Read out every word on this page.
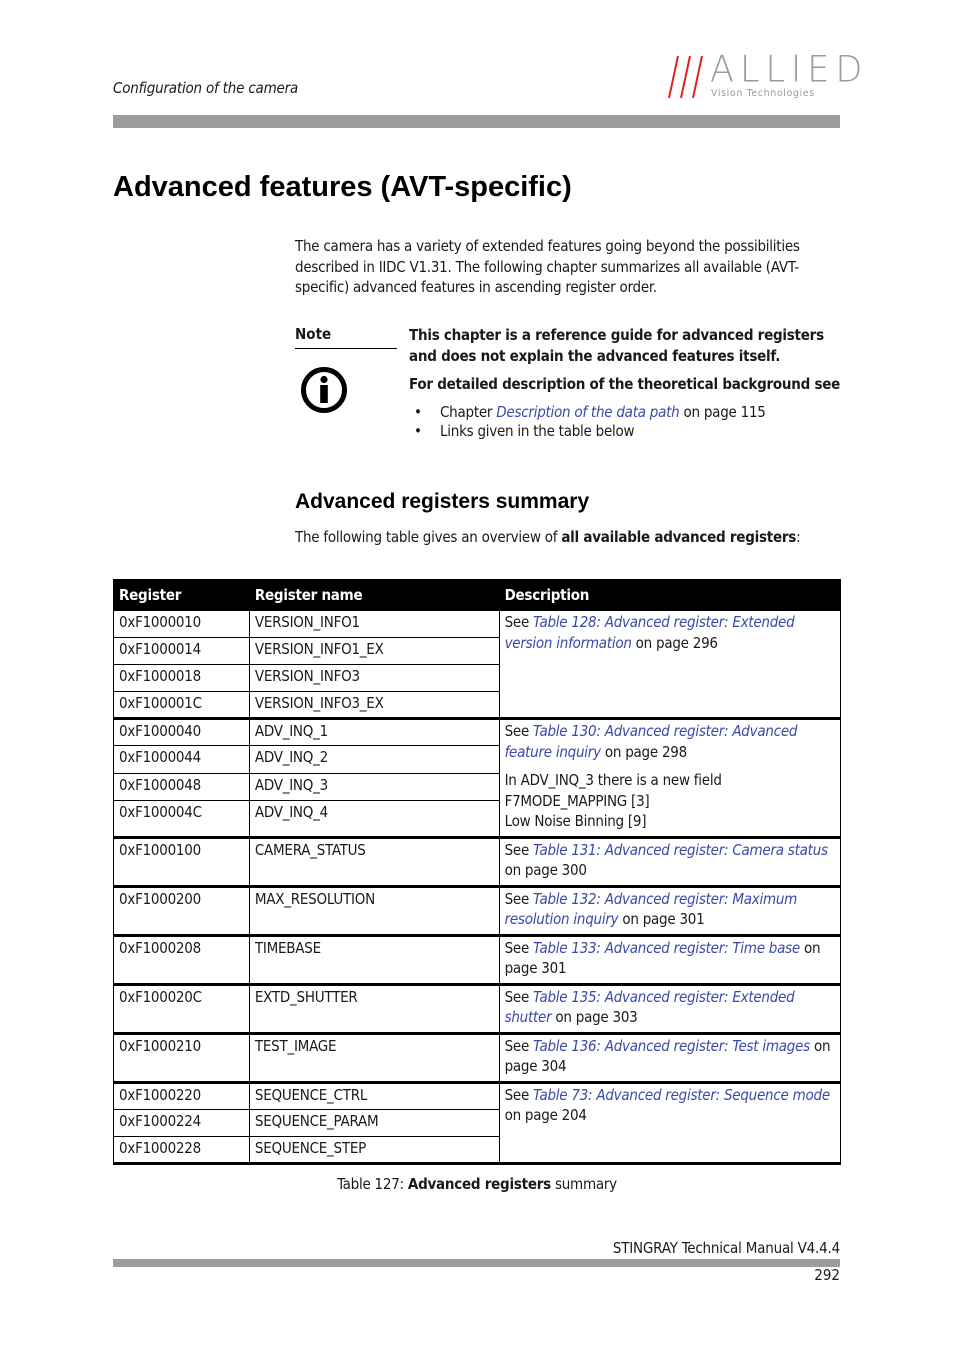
Configuration of the camera	ALLIED
Vision Technologies
Advanced features (AVT-specific)

The camera has a variety of extended features going beyond the possibilities described in IIDC V1.31. The following chapter summarizes all available (AVT-specific) advanced features in ascending register order.

Note	This chapter is a reference guide for advanced registers and does not explain the advanced features itself.

For detailed description of the theoretical background see

• Chapter Description of the data path on page 115
• Links given in the table below
Advanced registers summary

The following table gives an overview of all available advanced registers:

Register	Register name	Description
0xF1000010	VERSION_INFO1	See Table 128: Advanced register: Extended version information on page 296
0xF1000014	VERSION_INFO1_EX	
0xF1000018	VERSION_INFO3	
0xF100001C	VERSION_INFO3_EX	
0xF1000040	ADV_INQ_1	See Table 130: Advanced register: Advanced feature inquiry on page 298
In ADV_INQ_3 there is a new field
F7MODE_MAPPING [3]
Low Noise Binning [9]

0xF1000044	ADV_INQ_2	
0xF1000048	ADV_INQ_3	
0xF100004C	ADV_INQ_4	
0xF1000100	CAMERA_STATUS	See Table 131: Advanced register: Camera status on page 300
0xF1000200	MAX_RESOLUTION	See Table 132: Advanced register: Maximum resolution inquiry on page 301
0xF1000208	TIMEBASE	See Table 133: Advanced register: Time base on page 301
0xF100020C	EXTD_SHUTTER	See Table 135: Advanced register: Extended shutter on page 303
0xF1000210	TEST_IMAGE	See Table 136: Advanced register: Test images on page 304
0xF1000220	SEQUENCE_CTRL	See Table 73: Advanced register: Sequence mode on page 204
0xF1000224	SEQUENCE_PARAM	
0xF1000228	SEQUENCE_STEP	
Table 127: Advanced registers summary
STINGRAY Technical Manual V4.4.4
292
